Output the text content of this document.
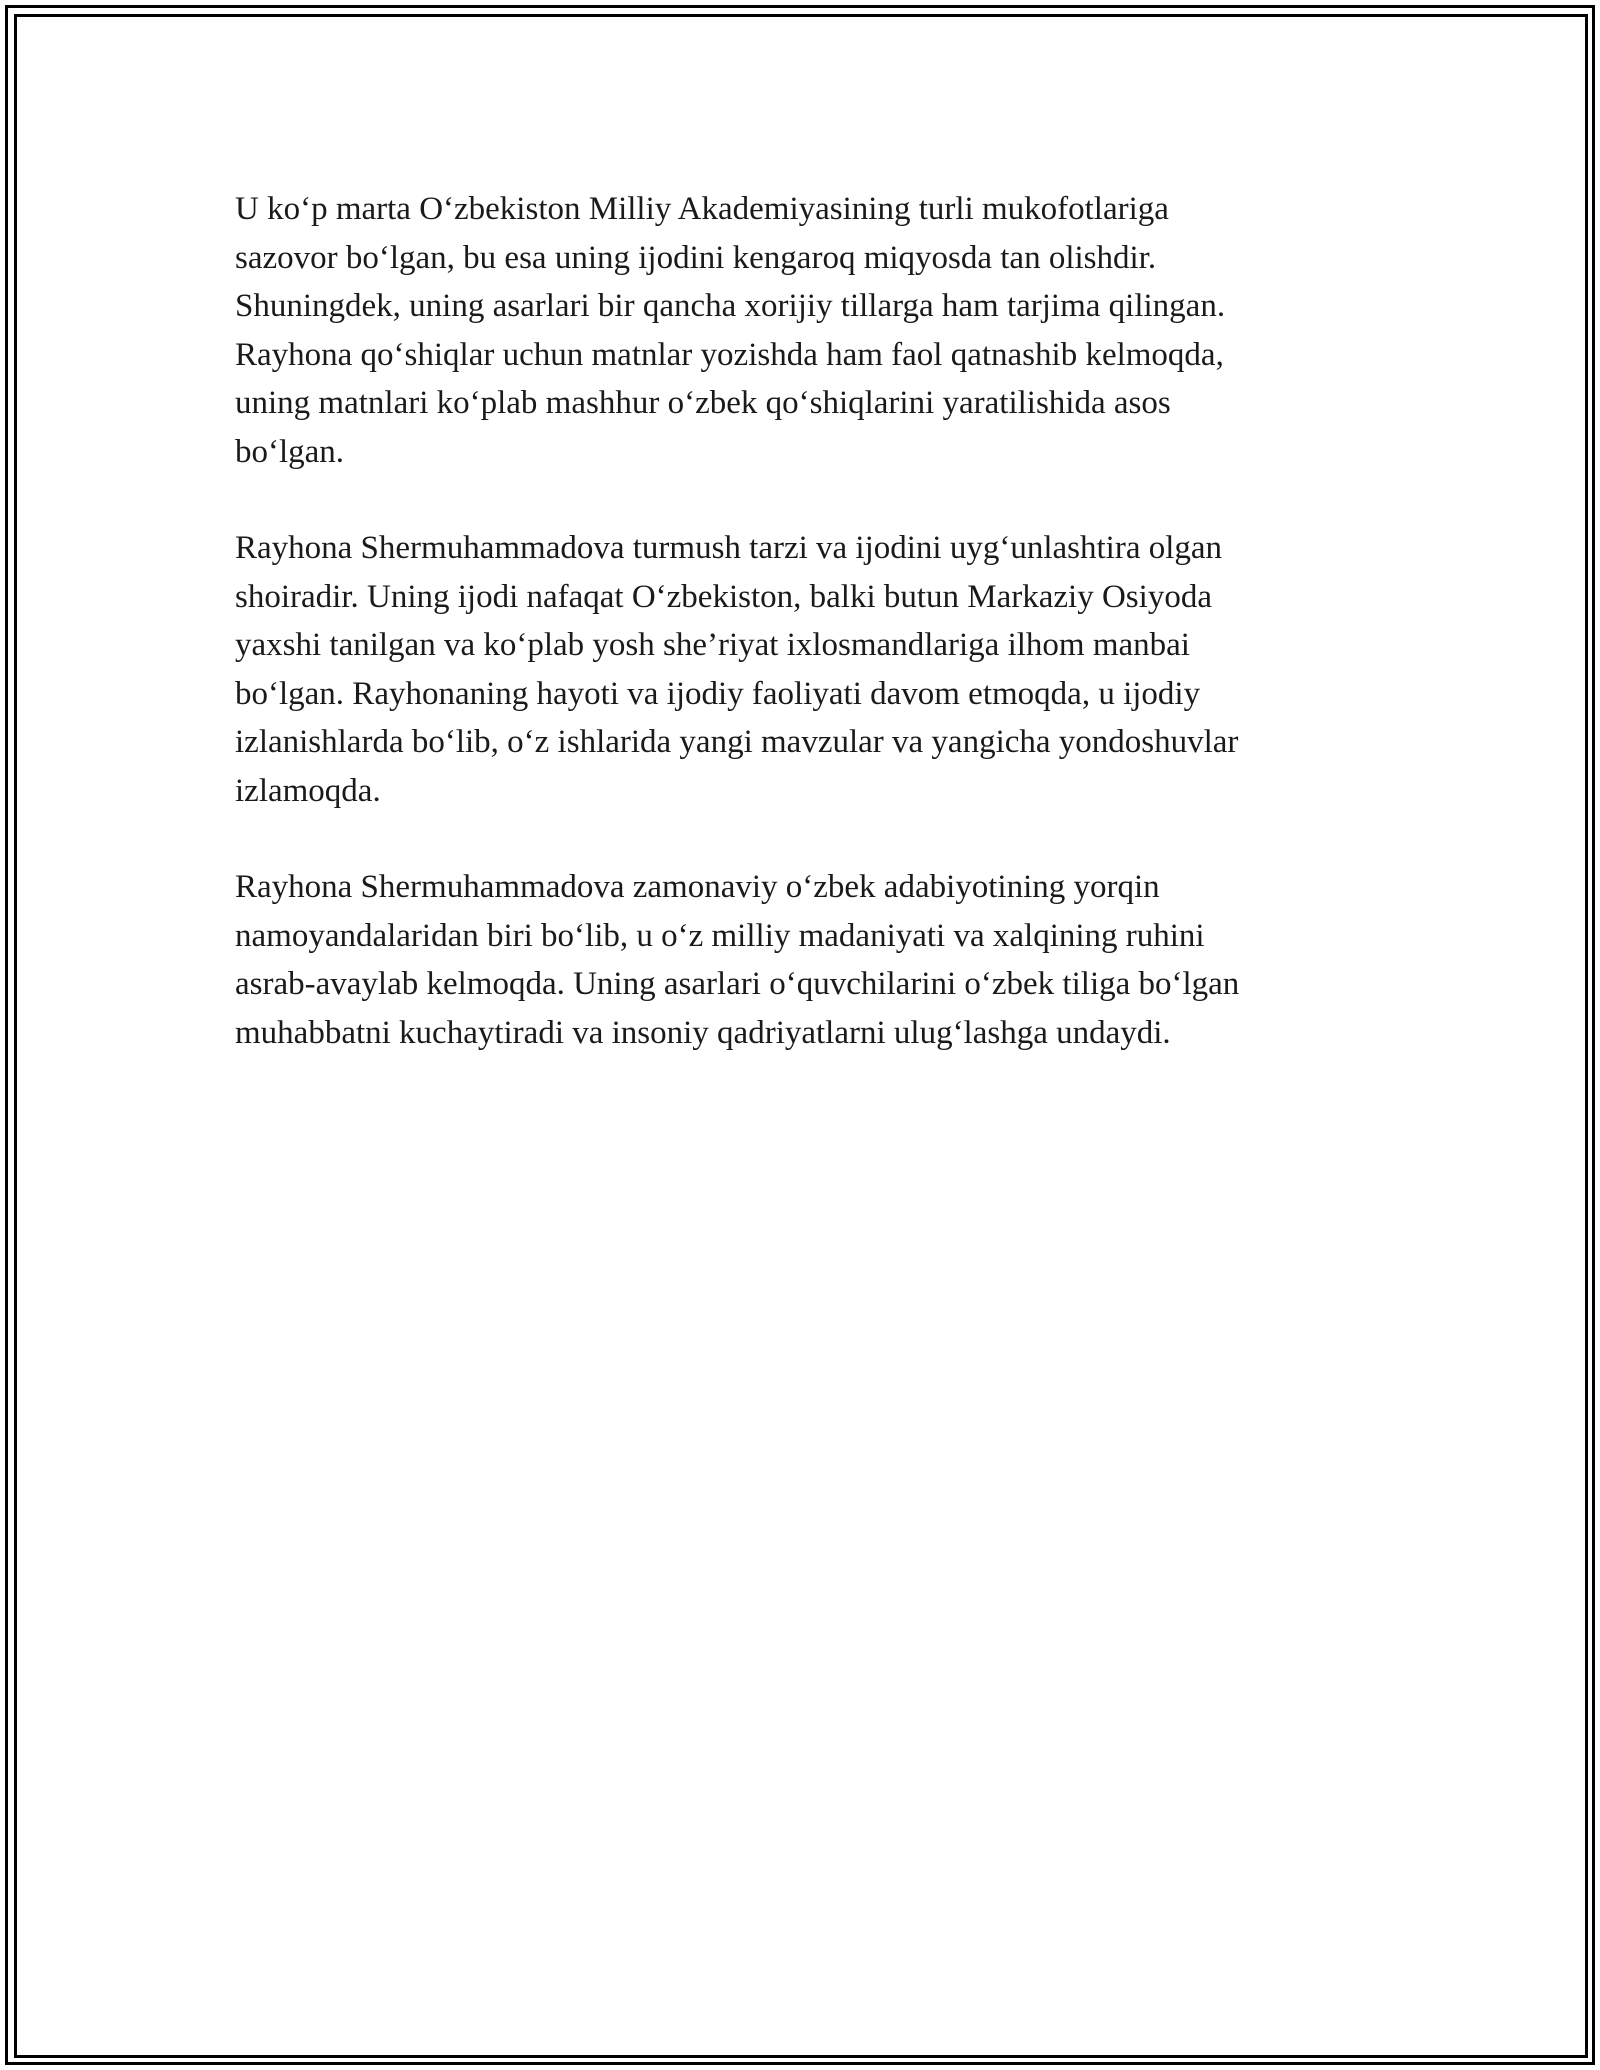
U ko‘p marta O‘zbekiston Milliy Akademiyasining turli mukofotlariga
sazovor bo‘lgan, bu esa uning ijodini kengaroq miqyosda tan olishdir.
Shuningdek, uning asarlari bir qancha xorijiy tillarga ham tarjima qilingan.
Rayhona qo‘shiqlar uchun matnlar yozishda ham faol qatnashib kelmoqda,
uning matnlari ko‘plab mashhur o‘zbek qo‘shiqlarini yaratilishida asos
bo‘lgan.

Rayhona Shermuhammadova turmush tarzi va ijodini uyg‘unlashtira olgan
shoiradir. Uning ijodi nafaqat O‘zbekiston, balki butun Markaziy Osiyoda
yaxshi tanilgan va ko‘plab yosh she’riyat ixlosmandlariga ilhom manbai
bo‘lgan. Rayhonaning hayoti va ijodiy faoliyati davom etmoqda, u ijodiy
izlanishlarda bo‘lib, o‘z ishlarida yangi mavzular va yangicha yondoshuvlar
izlamoqda.

Rayhona Shermuhammadova zamonaviy o‘zbek adabiyotining yorqin
namoyandalaridan biri bo‘lib, u o‘z milliy madaniyati va xalqining ruhini
asrab-avaylab kelmoqda. Uning asarlari o‘quvchilarini o‘zbek tiliga bo‘lgan
muhabbatni kuchaytiradi va insoniy qadriyatlarni ulug‘lashga undaydi.
